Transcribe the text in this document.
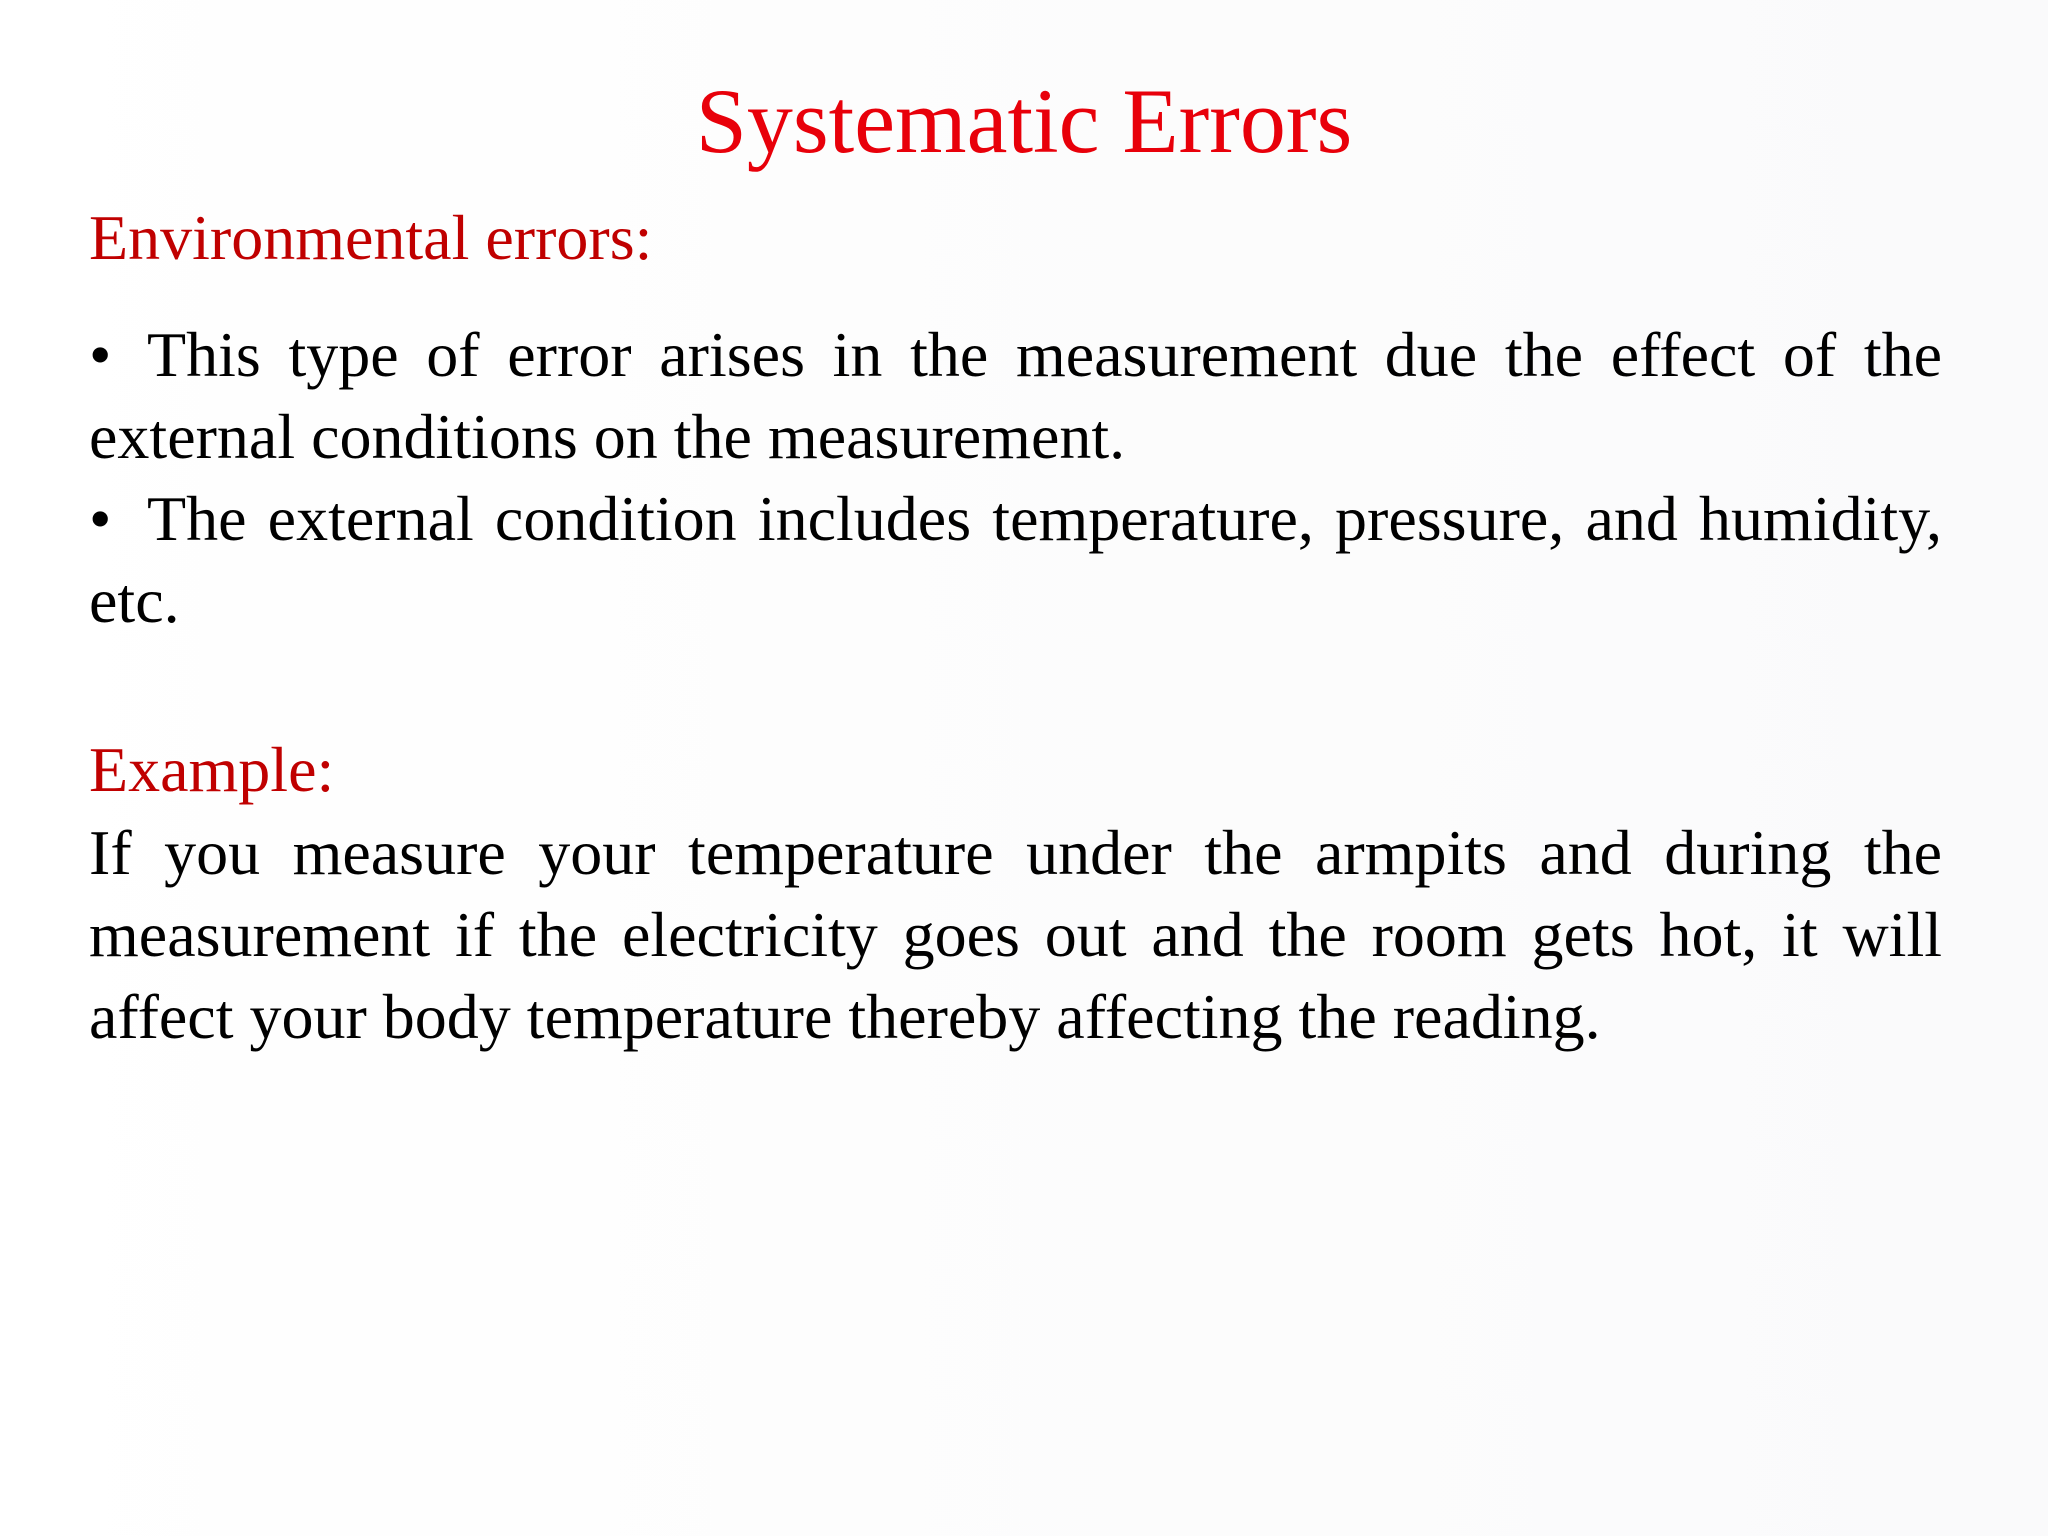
Systematic Errors
Environmental errors:

• This type of error arises in the measurement due the effect of the external conditions on the measurement.

• The external condition includes temperature, pressure, and humidity, etc.

Example:

If you measure your temperature under the armpits and during the measurement if the electricity goes out and the room gets hot, it will affect your body temperature thereby affecting the reading.
